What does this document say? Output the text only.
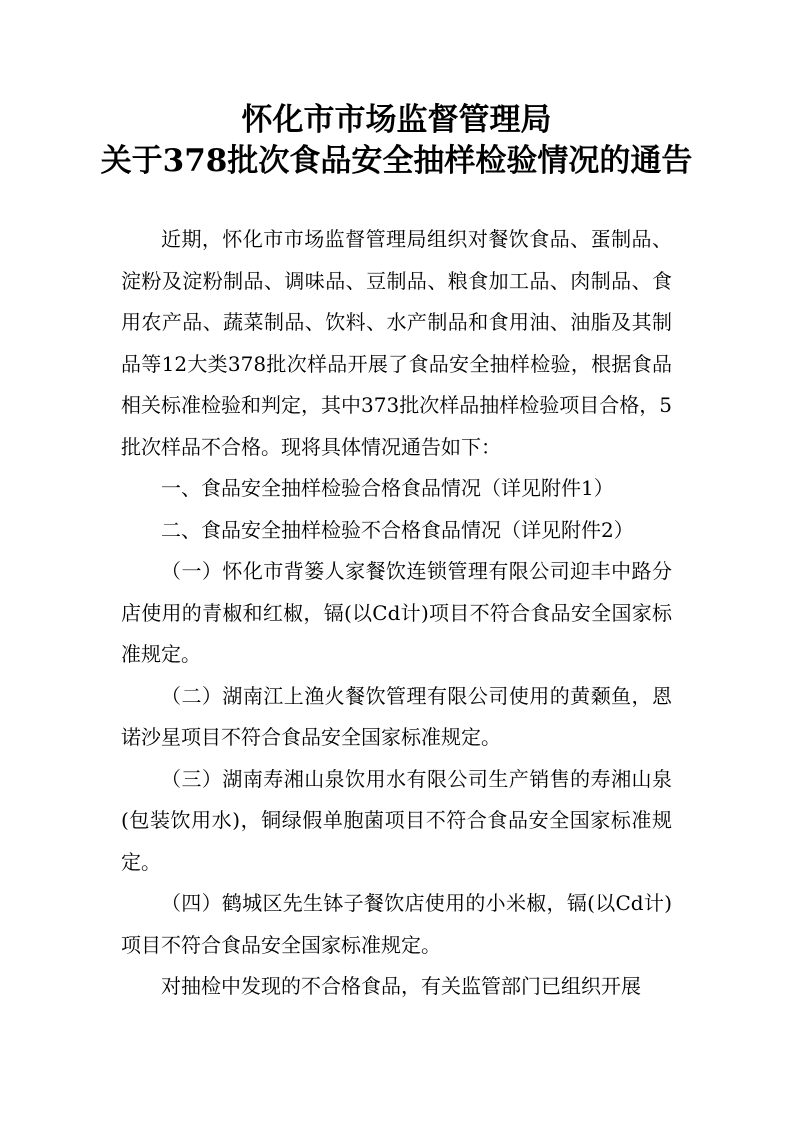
怀化市市场监督管理局
关于378批次食品安全抽样检验情况的通告

近期，怀化市市场监督管理局组织对餐饮食品、蛋制品、淀粉及淀粉制品、调味品、豆制品、粮食加工品、肉制品、食用农产品、蔬菜制品、饮料、水产制品和食用油、油脂及其制品等12大类378批次样品开展了食品安全抽样检验，根据食品相关标准检验和判定，其中373批次样品抽样检验项目合格，5批次样品不合格。现将具体情况通告如下：

一、食品安全抽样检验合格食品情况（详见附件1）

二、食品安全抽样检验不合格食品情况（详见附件2）

（一）怀化市背篓人家餐饮连锁管理有限公司迎丰中路分店使用的青椒和红椒，镉(以Cd计)项目不符合食品安全国家标准规定。

（二）湖南江上渔火餐饮管理有限公司使用的黄颡鱼，恩诺沙星项目不符合食品安全国家标准规定。

（三）湖南寿湘山泉饮用水有限公司生产销售的寿湘山泉(包装饮用水)，铜绿假单胞菌项目不符合食品安全国家标准规定。

（四）鹤城区先生钵子餐饮店使用的小米椒，镉(以Cd计)项目不符合食品安全国家标准规定。

对抽检中发现的不合格食品，有关监管部门已组织开展
